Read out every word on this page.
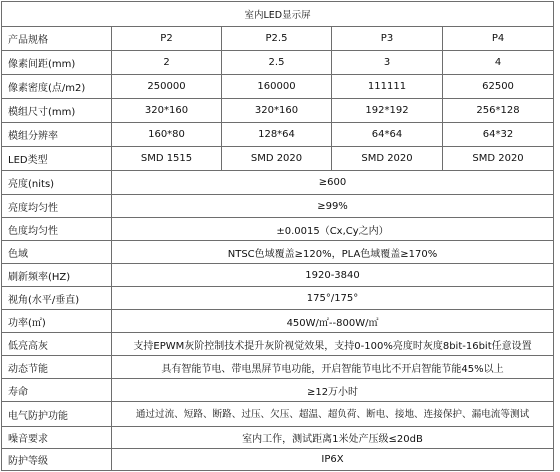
室内LED显示屏				
产品规格	P2	P2.5	P3	P4
像素间距(mm)	2	2.5	3	4
像素密度(点/m2)	250000	160000	111111	62500
模组尺寸(mm)	320*160	320*160	192*192	256*128
模组分辨率	160*80	128*64	64*64	64*32
LED类型	SMD 1515	SMD 2020	SMD 2020	SMD 2020
亮度(nits)	≥600			
亮度均匀性	≥99%			
色度均匀性	±0.0015（Cx,Cy之内）			
色域	NTSC色域覆盖≥120%，PLA色域覆盖≥170%			
刷新频率(HZ)	1920-3840			
视角(水平/垂直)	175°/175°			
功率(㎡)	450W/㎡--800W/㎡			
低亮高灰	支持EPWM灰阶控制技术提升灰阶视觉效果，支持0-100%亮度时灰度8bit-16bit任意设置			
动态节能	具有智能节电、带电黑屏节电功能，开启智能节电比不开启智能节能45%以上			
寿命	≥12万小时			
电气防护功能	通过过流、短路、断路、过压、欠压、超温、超负荷、断电、接地、连接保护、漏电流等测试			
噪音要求	室内工作，测试距离1米处产压级≤20dB			
防护等级	IP6X			
